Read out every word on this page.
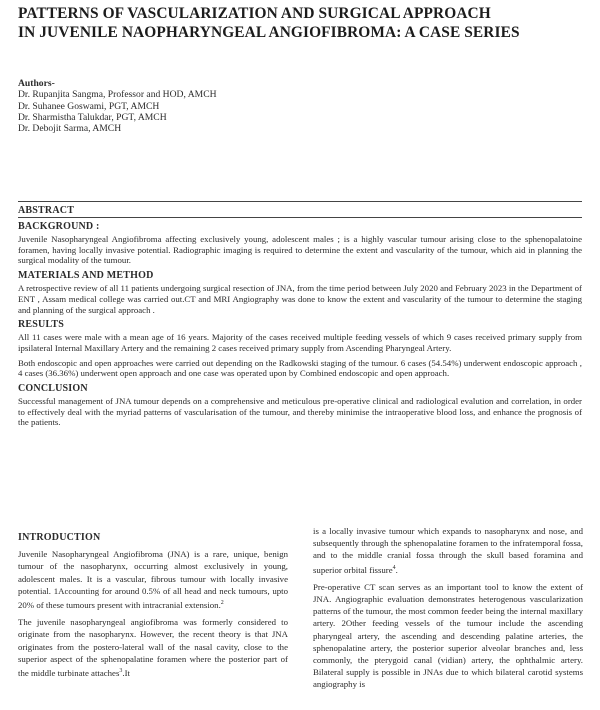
PATTERNS OF VASCULARIZATION AND SURGICAL APPROACH
IN JUVENILE NAOPHARYNGEAL ANGIOFIBROMA: A CASE SERIES
Authors-
Dr. Rupanjita Sangma, Professor and HOD, AMCH
Dr. Suhanee Goswami, PGT, AMCH
Dr. Sharmistha Talukdar, PGT, AMCH
Dr. Debojit Sarma, AMCH
ABSTRACT
BACKGROUND :

Juvenile Nasopharyngeal Angiofibroma affecting exclusively young, adolescent males ; is a highly vascular tumour arising close to the sphenopalatoine foramen, having locally invasive potential. Radiographic imaging is required to determine the extent and vascularity of the tumour, which aid in planning the surgical modality of the tumour.

MATERIALS AND METHOD

A retrospective review of all 11 patients undergoing surgical resection of JNA, from the time period between July 2020 and February 2023 in the Department of ENT , Assam medical college was carried out.CT and MRI Angiography was done to know the extent and vascularity of the tumour to determine the staging and planning of the surgical approach .

RESULTS

All 11 cases were male with a mean age of 16 years. Majority of the cases received multiple feeding vessels of which 9 cases received primary supply from ipsilateral Internal Maxillary Artery and the remaining 2 cases received primary supply from Ascending Pharyngeal Artery.

Both endoscopic and open approaches were carried out depending on the Radkowski staging of the tumour. 6 cases (54.54%) underwent endoscopic approach , 4 cases (36.36%) underwent open approach and one case was operated upon by Combined endoscopic and open approach.

CONCLUSION

Successful management of JNA tumour depends on a comprehensive and meticulous pre-operative clinical and radiological evalution and correlation, in order to effectively deal with the myriad patterns of vascularisation of the tumour, and thereby minimise the intraoperative blood loss, and enhance the prognosis of the patients.

INTRODUCTION

Juvenile Nasopharyngeal Angiofibroma (JNA) is a rare, unique, benign tumour of the nasopharynx, occurring almost exclusively in young, adolescent males. It is a vascular, fibrous tumour with locally invasive potential. 1Accounting for around 0.5% of all head and neck tumours, upto 20% of these tumours present with intracranial extension.$^2$

The juvenile nasopharyngeal angiofibroma was formerly considered to originate from the nasopharynx. However, the recent theory is that JNA originates from the postero-lateral wall of the nasal cavity, close to the superior aspect of the sphenopalatine foramen where the posterior part of the middle turbinate attaches$^3$.It

is a locally invasive tumour which expands to nasopharynx and nose, and subsequently through the sphenopalatine foramen to the infratemporal fossa, and to the middle cranial fossa through the skull based foramina and superior orbital fissure$^4$.

Pre-operative CT scan serves as an important tool to know the extent of JNA. Angiographic evaluation demonstrates heterogenous vascularization patterns of the tumour, the most common feeder being the internal maxillary artery. 2Other feeding vessels of the tumour include the ascending pharyngeal artery, the ascending and descending palatine arteries, the sphenopalatine artery, the posterior superior alveolar branches and, less commonly, the pterygoid canal (vidian) artery, the ophthalmic artery. Bilateral supply is possible in JNAs due to which bilateral carotid systems angiography is
